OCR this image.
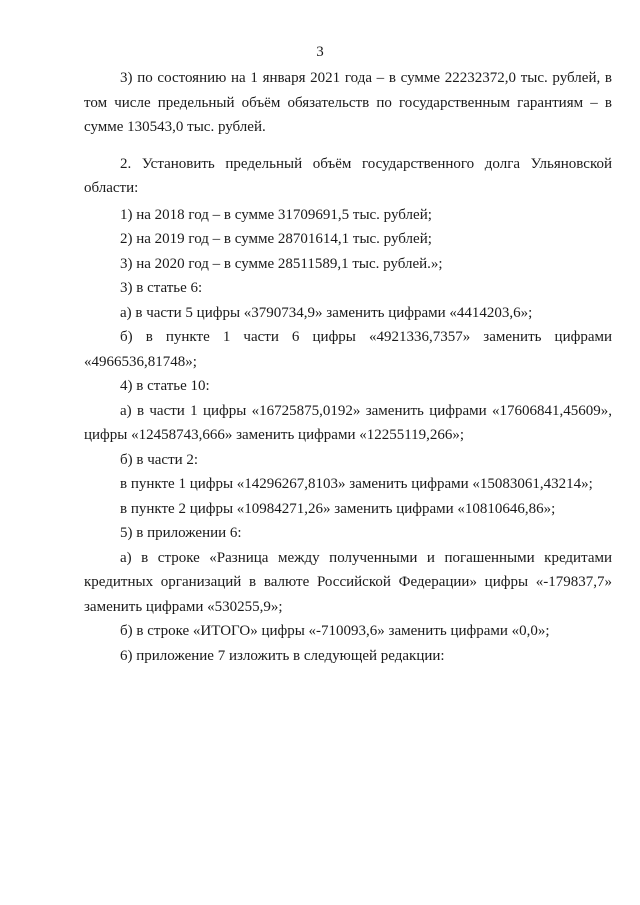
3

3) по состоянию на 1 января 2021 года – в сумме 22232372,0 тыс. рублей, в том числе предельный объём обязательств по государственным гарантиям – в сумме 130543,0 тыс. рублей.

2. Установить предельный объём государственного долга Ульяновской области:

1) на 2018 год – в сумме 31709691,5 тыс. рублей;

2) на 2019 год – в сумме 28701614,1 тыс. рублей;

3) на 2020 год – в сумме 28511589,1 тыс. рублей.»;

3) в статье 6:

а) в части 5 цифры «3790734,9» заменить цифрами «4414203,6»;

б) в пункте 1 части 6 цифры «4921336,7357» заменить цифрами «4966536,81748»;

4) в статье 10:

а) в части 1 цифры «16725875,0192» заменить цифрами «17606841,45609», цифры «12458743,666» заменить цифрами «12255119,266»;

б) в части 2:

в пункте 1 цифры «14296267,8103» заменить цифрами «15083061,43214»;

в пункте 2 цифры «10984271,26» заменить цифрами «10810646,86»;

5) в приложении 6:

а) в строке «Разница между полученными и погашенными кредитами кредитных организаций в валюте Российской Федерации» цифры «-179837,7» заменить цифрами «530255,9»;

б) в строке «ИТОГО» цифры «-710093,6» заменить цифрами «0,0»;

6) приложение 7 изложить в следующей редакции:
